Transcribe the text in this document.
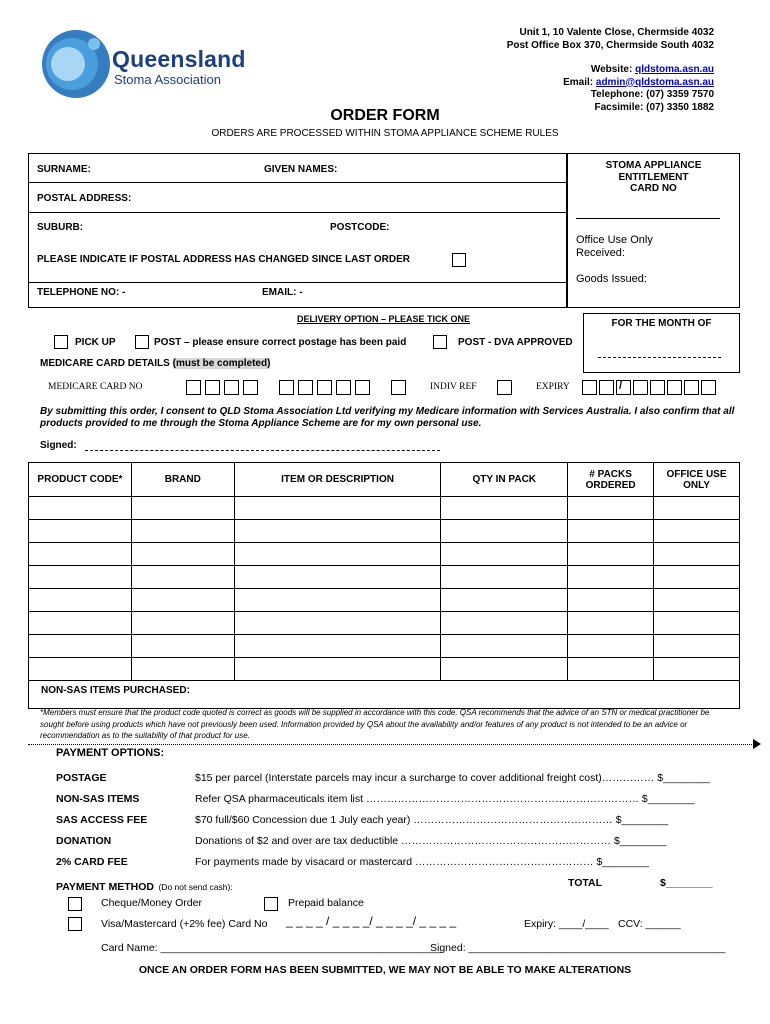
Queensland
Stoma Association
Unit 1, 10 Valente Close, Chermside 4032
Post Office Box 370, Chermside South 4032
Website: qldstoma.asn.au
Email: admin@qldstoma.asn.au
Telephone: (07) 3359 7570
Facsimile: (07) 3350 1882
ORDER FORM
ORDERS ARE PROCESSED WITHIN STOMA APPLIANCE SCHEME RULES
SURNAME:	GIVEN NAMES:
POSTAL ADDRESS:
SUBURB:	POSTCODE:
PLEASE INDICATE IF POSTAL ADDRESS HAS CHANGED SINCE LAST ORDER
TELEPHONE NO: -	EMAIL: -
STOMA APPLIANCE
ENTITLEMENT
CARD NO
Office Use Only
Received:
Goods Issued:
FOR THE MONTH OF
DELIVERY OPTION – PLEASE TICK ONE
PICK UP	POST – please ensure correct postage has been paid	POST - DVA APPROVED
MEDICARE CARD DETAILS (must be completed)
MEDICARE CARD NO	INDIV REF	EXPIRY	/
By submitting this order, I consent to QLD Stoma Association Ltd verifying my Medicare information with Services Australia. I also confirm that all products provided to me through the Stoma Appliance Scheme are for my own personal use.
Signed:
PRODUCT CODE*	BRAND	ITEM OR DESCRIPTION	QTY IN PACK	# PACKS ORDERED	OFFICE USE ONLY

NON-SAS ITEMS PURCHASED:					
*Members must ensure that the product code quoted is correct as goods will be supplied in accordance with this code. QSA recommends that the advice of an STN or medical practitioner be sought before using products which have not previously been used. Information provided by QSA about the availability and/or features of any product is not intended to be an advice or recommendation as to the suitability of that product for use.
PAYMENT OPTIONS:
POSTAGE	$15 per parcel (Interstate parcels may incur a surcharge to cover additional freight cost)…………… $________
NON-SAS ITEMS	Refer QSA pharmaceuticals item list …………………………………………………………………… $________
SAS ACCESS FEE	$70 full/$60 Concession due 1 July each year) ………………………………………………… $________
DONATION	Donations of $2 and over are tax deductible …………………………………………………… $________
2% CARD FEE	For payments made by visacard or mastercard …………………………………………… $________
PAYMENT METHOD (Do not send cash):	TOTAL	$________
Cheque/Money Order	Prepaid balance
Visa/Mastercard (+2% fee) Card No _ _ _ _ / _ _ _ _/ _ _ _ _/ _ _ _ _	Expiry: ____/____ CCV: ______
Card Name: ________________________________________________
Signed: ____________________________________________
ONCE AN ORDER FORM HAS BEEN SUBMITTED, WE MAY NOT BE ABLE TO MAKE ALTERATIONS
